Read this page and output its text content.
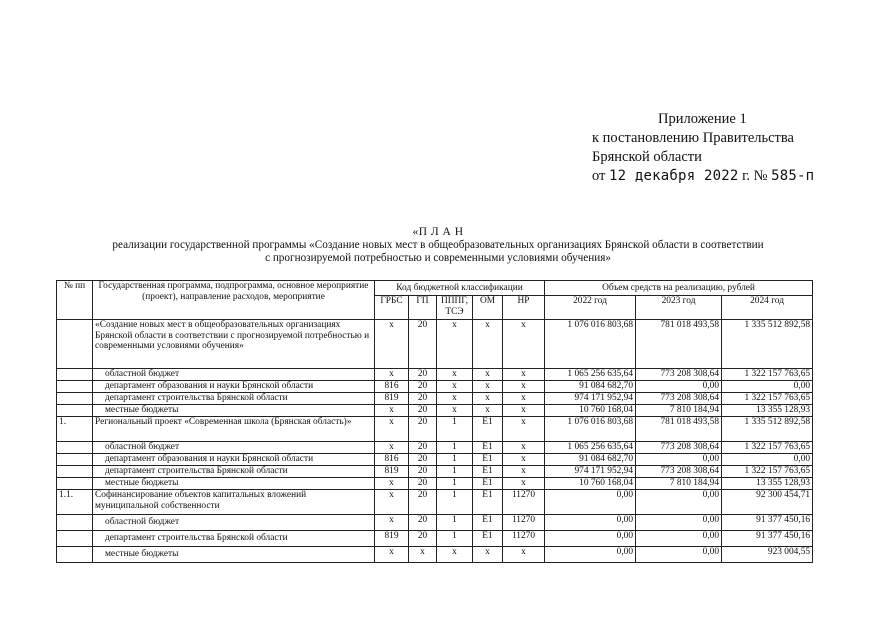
Приложение 1
к постановлению Правительства
Брянской области
от 12 декабря 2022 г. № 585-п
«П Л А Н
реализации государственной программы «Создание новых мест в общеобразовательных организациях Брянской области в соответствии
с прогнозируемой потребностью и современными условиями обучения»
№ пп	Государственная программа, подпрограмма, основное мероприятие (проект), направление расходов, мероприятие	Код бюджетной классификации					Объем средств на реализацию, рублей		
		ГРБС	ГП	ПППГ, ТСЭ	ОМ	НР	2022 год	2023 год	2024 год
	«Создание новых мест в общеобразовательных организациях Брянской области в соответствии с прогнозируемой потребностью и современными условиями обучения»	х	20	х	х	х	1 076 016 803,68	781 018 493,58	1 335 512 892,58
	областной бюджет	х	20	х	х	х	1 065 256 635,64	773 208 308,64	1 322 157 763,65
	департамент образования и науки Брянской области	816	20	х	х	х	91 084 682,70	0,00	0,00
	департамент строительства Брянской области	819	20	х	х	х	974 171 952,94	773 208 308,64	1 322 157 763,65
	местные бюджеты	х	20	х	х	х	10 760 168,04	7 810 184,94	13 355 128,93
1.	Региональный проект «Современная школа (Брянская область)»	х	20	1	Е1	х	1 076 016 803,68	781 018 493,58	1 335 512 892,58
	областной бюджет	х	20	1	Е1	х	1 065 256 635,64	773 208 308,64	1 322 157 763,65
	департамент образования и науки Брянской области	816	20	1	Е1	х	91 084 682,70	0,00	0,00
	департамент строительства Брянской области	819	20	1	Е1	х	974 171 952,94	773 208 308,64	1 322 157 763,65
	местные бюджеты	х	20	1	Е1	х	10 760 168,04	7 810 184,94	13 355 128,93
1.1.	Софинансирование объектов капитальных вложений муниципальной собственности	х	20	1	Е1	11270	0,00	0,00	92 300 454,71
	областной бюджет	х	20	1	Е1	11270	0,00	0,00	91 377 450,16
	департамент строительства Брянской области	819	20	1	Е1	11270	0,00	0,00	91 377 450,16
	местные бюджеты	х	х	х	х	х	0,00	0,00	923 004,55
